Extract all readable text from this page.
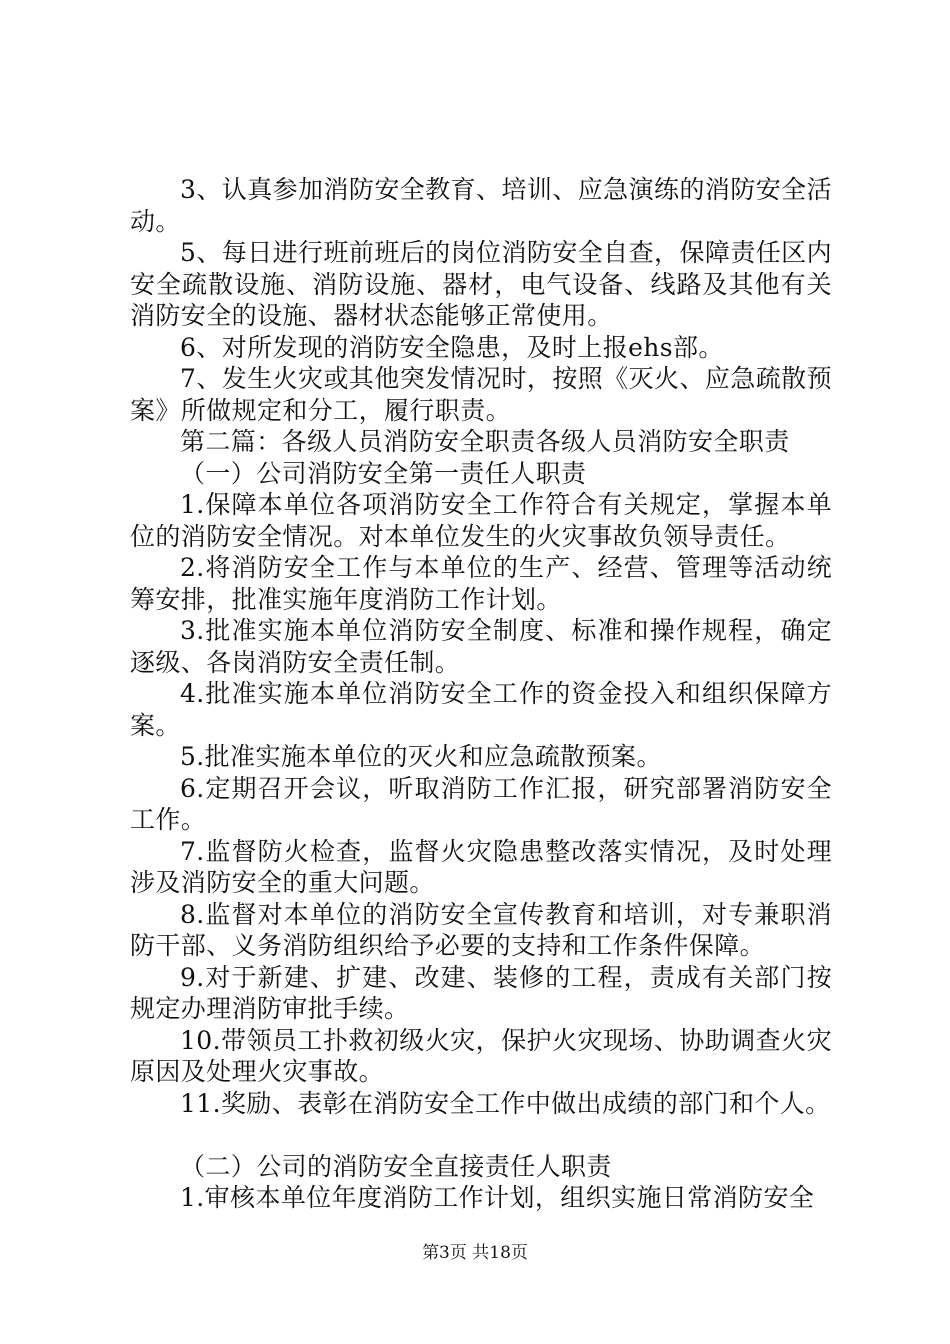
3、认真参加消防安全教育、培训、应急演练的消防安全活动。

5、每日进行班前班后的岗位消防安全自查，保障责任区内安全疏散设施、消防设施、器材，电气设备、线路及其他有关消防安全的设施、器材状态能够正常使用。

6、对所发现的消防安全隐患，及时上报ehs部。

7、发生火灾或其他突发情况时，按照《灭火、应急疏散预案》所做规定和分工，履行职责。

第二篇：各级人员消防安全职责各级人员消防安全职责

（一）公司消防安全第一责任人职责

1.保障本单位各项消防安全工作符合有关规定，掌握本单位的消防安全情况。对本单位发生的火灾事故负领导责任。

2.将消防安全工作与本单位的生产、经营、管理等活动统筹安排，批准实施年度消防工作计划。

3.批准实施本单位消防安全制度、标准和操作规程，确定逐级、各岗消防安全责任制。

4.批准实施本单位消防安全工作的资金投入和组织保障方案。

5.批准实施本单位的灭火和应急疏散预案。

6.定期召开会议，听取消防工作汇报，研究部署消防安全工作。

7.监督防火检查，监督火灾隐患整改落实情况，及时处理涉及消防安全的重大问题。

8.监督对本单位的消防安全宣传教育和培训，对专兼职消防干部、义务消防组织给予必要的支持和工作条件保障。

9.对于新建、扩建、改建、装修的工程，责成有关部门按规定办理消防审批手续。

10.带领员工扑救初级火灾，保护火灾现场、协助调查火灾原因及处理火灾事故。

11.奖励、表彰在消防安全工作中做出成绩的部门和个人。

（二）公司的消防安全直接责任人职责

1.审核本单位年度消防工作计划，组织实施日常消防安全

第3页 共18页
